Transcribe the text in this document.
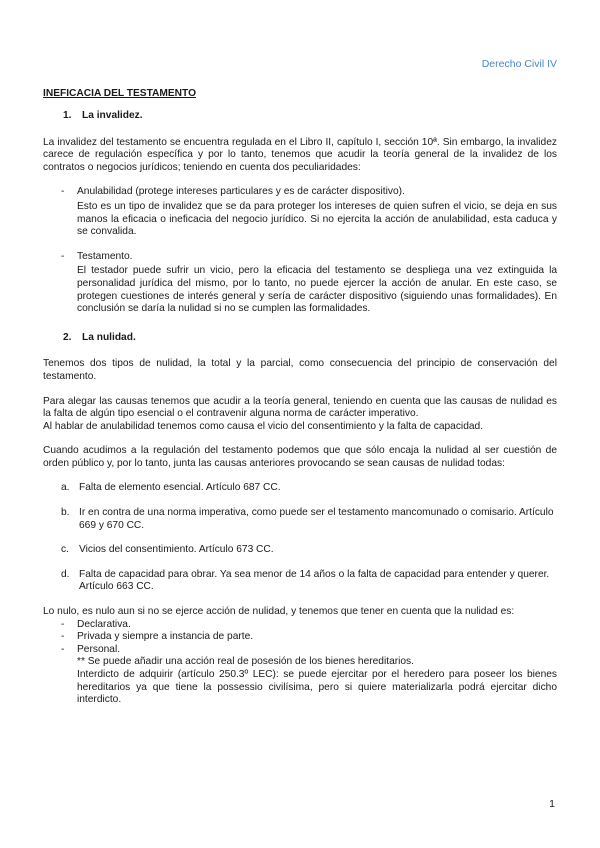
Derecho Civil IV
INEFICACIA DEL TESTAMENTO
1.	La invalidez.

La invalidez del testamento se encuentra regulada en el Libro II, capítulo I, sección 10ª. Sin embargo, la invalidez carece de regulación específica y por lo tanto, tenemos que acudir la teoría general de la invalidez de los contratos o negocios jurídicos; teniendo en cuenta dos peculiaridades:

-	Anulabilidad (protege intereses particulares y es de carácter dispositivo).
Esto es un tipo de invalidez que se da para proteger los intereses de quien sufren el vicio, se deja en sus manos la eficacia o ineficacia del negocio jurídico. Si no ejercita la acción de anulabilidad, esta caduca y se convalida.
-	Testamento.
El testador puede sufrir un vicio, pero la eficacia del testamento se despliega una vez extinguida la personalidad jurídica del mismo, por lo tanto, no puede ejercer la acción de anular. En este caso, se protegen cuestiones de interés general y sería de carácter dispositivo (siguiendo unas formalidades). En conclusión se daría la nulidad si no se cumplen las formalidades.
2.	La nulidad.

Tenemos dos tipos de nulidad, la total y la parcial, como consecuencia del principio de conservación del testamento.

Para alegar las causas tenemos que acudir a la teoría general, teniendo en cuenta que las causas de nulidad es la falta de algún tipo esencial o el contravenir alguna norma de carácter imperativo.

Al hablar de anulabilidad tenemos como causa el vicio del consentimiento y la falta de capacidad.

Cuando acudimos a la regulación del testamento podemos que que sólo encaja la nulidad al ser cuestión de orden público y, por lo tanto, junta las causas anteriores provocando se sean causas de nulidad todas:

a. Falta de elemento esencial. Artículo 687 CC.
b. Ir en contra de una norma imperativa, como puede ser el testamento mancomunado o comisario. Artículo 669 y 670 CC.
c. Vicios del consentimiento. Artículo 673 CC.
d. Falta de capacidad para obrar. Ya sea menor de 14 años o la falta de capacidad para entender y querer. Artículo 663 CC.

Lo nulo, es nulo aun si no se ejerce acción de nulidad, y tenemos que tener en cuenta que la nulidad es:

-	Declarativa.
-	Privada y siempre a instancia de parte.
-	Personal.
** Se puede añadir una acción real de posesión de los bienes hereditarios.
Interdicto de adquirir (artículo 250.3º LEC): se puede ejercitar por el heredero para poseer los bienes hereditarios ya que tiene la possessio civilísima, pero si quiere materializarla podrá ejercitar dicho interdicto.
1
